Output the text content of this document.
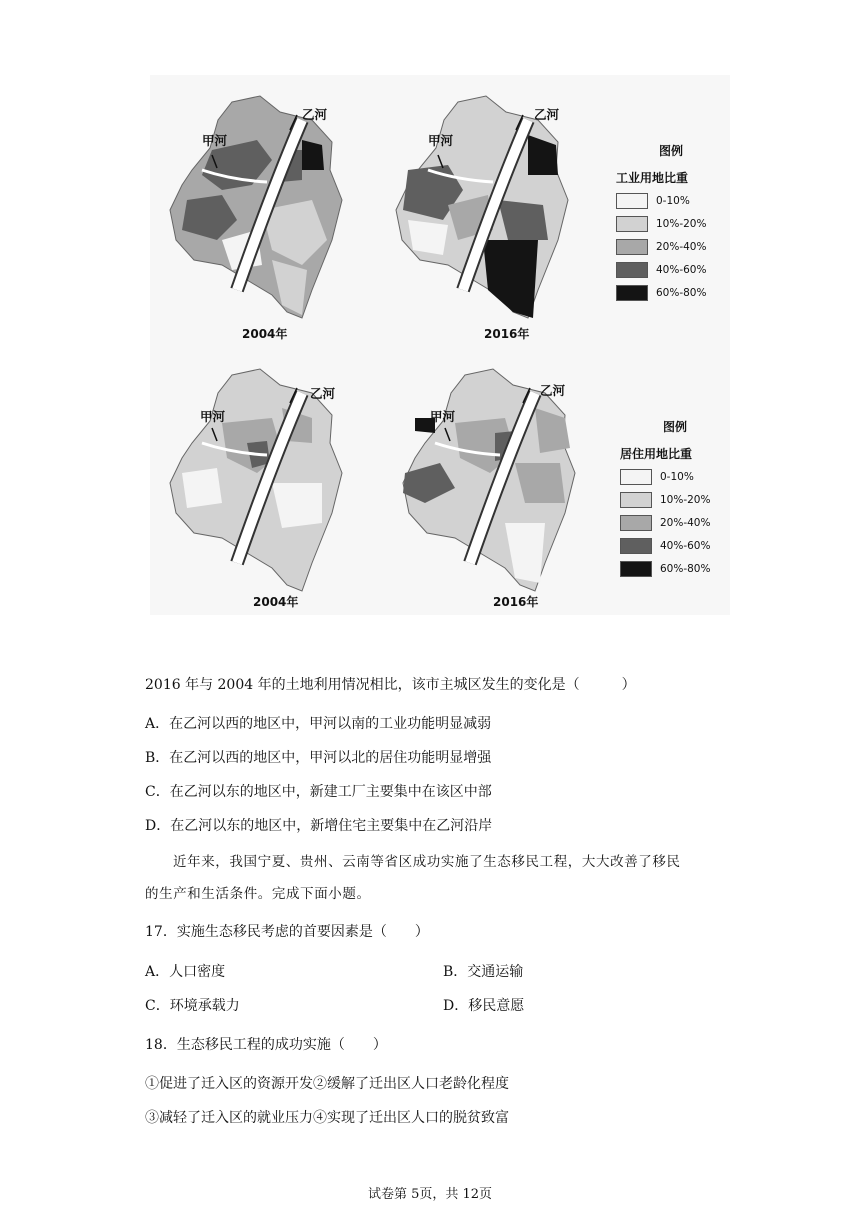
甲河
乙河
2004年
甲河
乙河
2016年
图例
工业用地比重
0-10%
10%-20%
20%-40%
40%-60%
60%-80%
甲河
乙河
2004年
甲河
乙河
2016年
图例
居住用地比重
0-10%
10%-20%
20%-40%
40%-60%
60%-80%
2016 年与 2004 年的土地利用情况相比，该市主城区发生的变化是（　　　）
A．在乙河以西的地区中，甲河以南的工业功能明显减弱
B．在乙河以西的地区中，甲河以北的居住功能明显增强
C．在乙河以东的地区中，新建工厂主要集中在该区中部
D．在乙河以东的地区中，新增住宅主要集中在乙河沿岸
近年来，我国宁夏、贵州、云南等省区成功实施了生态移民工程，大大改善了移民
的生产和生活条件。完成下面小题。
17．实施生态移民考虑的首要因素是（　　）
A．人口密度	B．交通运输
C．环境承载力	D．移民意愿
18．生态移民工程的成功实施（　　）
①促进了迁入区的资源开发②缓解了迁出区人口老龄化程度
③减轻了迁入区的就业压力④实现了迁出区人口的脱贫致富
试卷第 5页，共 12页
